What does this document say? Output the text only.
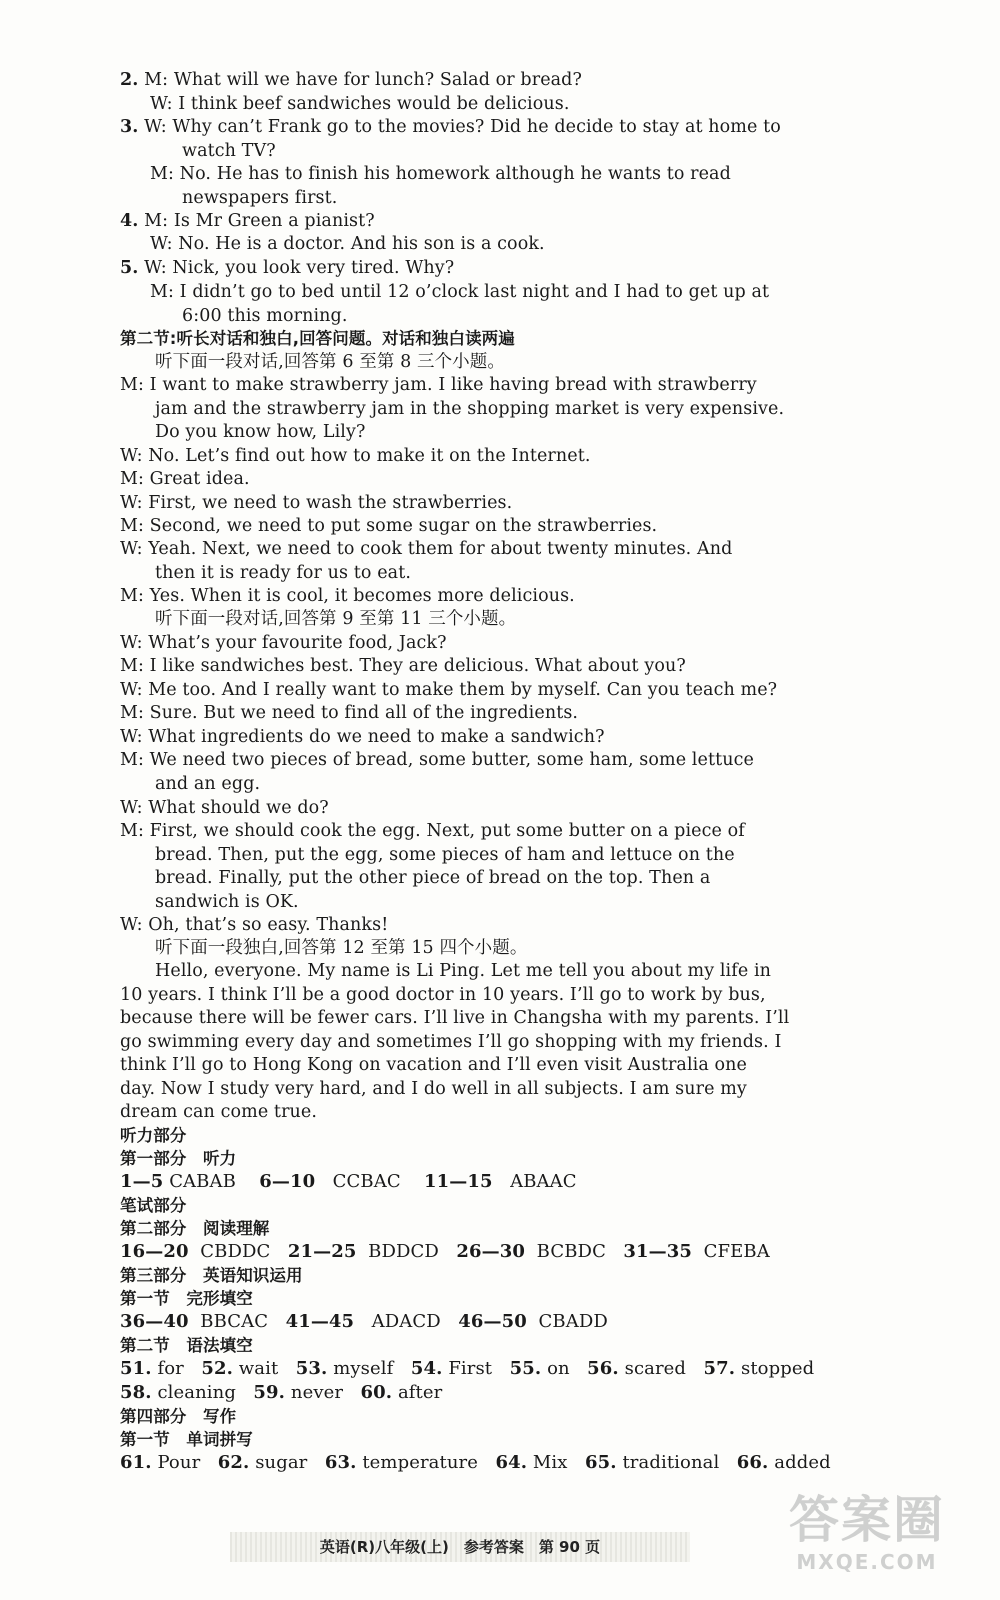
2. M: What will we have for lunch? Salad or bread?
W: I think beef sandwiches would be delicious.
3. W: Why can’t Frank go to the movies? Did he decide to stay at home to
watch TV?
M: No. He has to finish his homework although he wants to read
newspapers first.
4. M: Is Mr Green a pianist?
W: No. He is a doctor. And his son is a cook.
5. W: Nick, you look very tired. Why?
M: I didn’t go to bed until 12 o’clock last night and I had to get up at
6:00 this morning.
第二节:听长对话和独白,回答问题。对话和独白读两遍
听下面一段对话,回答第 6 至第 8 三个小题。
M: I want to make strawberry jam. I like having bread with strawberry
jam and the strawberry jam in the shopping market is very expensive.
Do you know how, Lily?
W: No. Let’s find out how to make it on the Internet.
M: Great idea.
W: First, we need to wash the strawberries.
M: Second, we need to put some sugar on the strawberries.
W: Yeah. Next, we need to cook them for about twenty minutes. And
then it is ready for us to eat.
M: Yes. When it is cool, it becomes more delicious.
听下面一段对话,回答第 9 至第 11 三个小题。
W: What’s your favourite food, Jack?
M: I like sandwiches best. They are delicious. What about you?
W: Me too. And I really want to make them by myself. Can you teach me?
M: Sure. But we need to find all of the ingredients.
W: What ingredients do we need to make a sandwich?
M: We need two pieces of bread, some butter, some ham, some lettuce
and an egg.
W: What should we do?
M: First, we should cook the egg. Next, put some butter on a piece of
bread. Then, put the egg, some pieces of ham and lettuce on the
bread. Finally, put the other piece of bread on the top. Then a
sandwich is OK.
W: Oh, that’s so easy. Thanks!
听下面一段独白,回答第 12 至第 15 四个小题。
Hello, everyone. My name is Li Ping. Let me tell you about my life in
10 years. I think I’ll be a good doctor in 10 years. I’ll go to work by bus,
because there will be fewer cars. I’ll live in Changsha with my parents. I’ll
go swimming every day and sometimes I’ll go shopping with my friends. I
think I’ll go to Hong Kong on vacation and I’ll even visit Australia one
day. Now I study very hard, and I do well in all subjects. I am sure my
dream can come true.
听力部分
第一部分　听力
1—5 CABAB 6—10 CCBAC 11—15 ABAAC
笔试部分
第二部分　阅读理解
16—20 CBDDC 21—25 BDDCD 26—30 BCBDC 31—35 CFEBA
第三部分　英语知识运用
第一节　完形填空
36—40 BBCAC 41—45 ADACD 46—50 CBADD
第二节　语法填空
51. for 52. wait 53. myself 54. First 55. on 56. scared 57. stopped
58. cleaning 59. never 60. after
第四部分　写作
第一节　单词拼写
61. Pour 62. sugar 63. temperature 64. Mix 65. traditional 66. added
英语(R)八年级(上)　参考答案　第 90 页	答案圈
MXQE.COM
